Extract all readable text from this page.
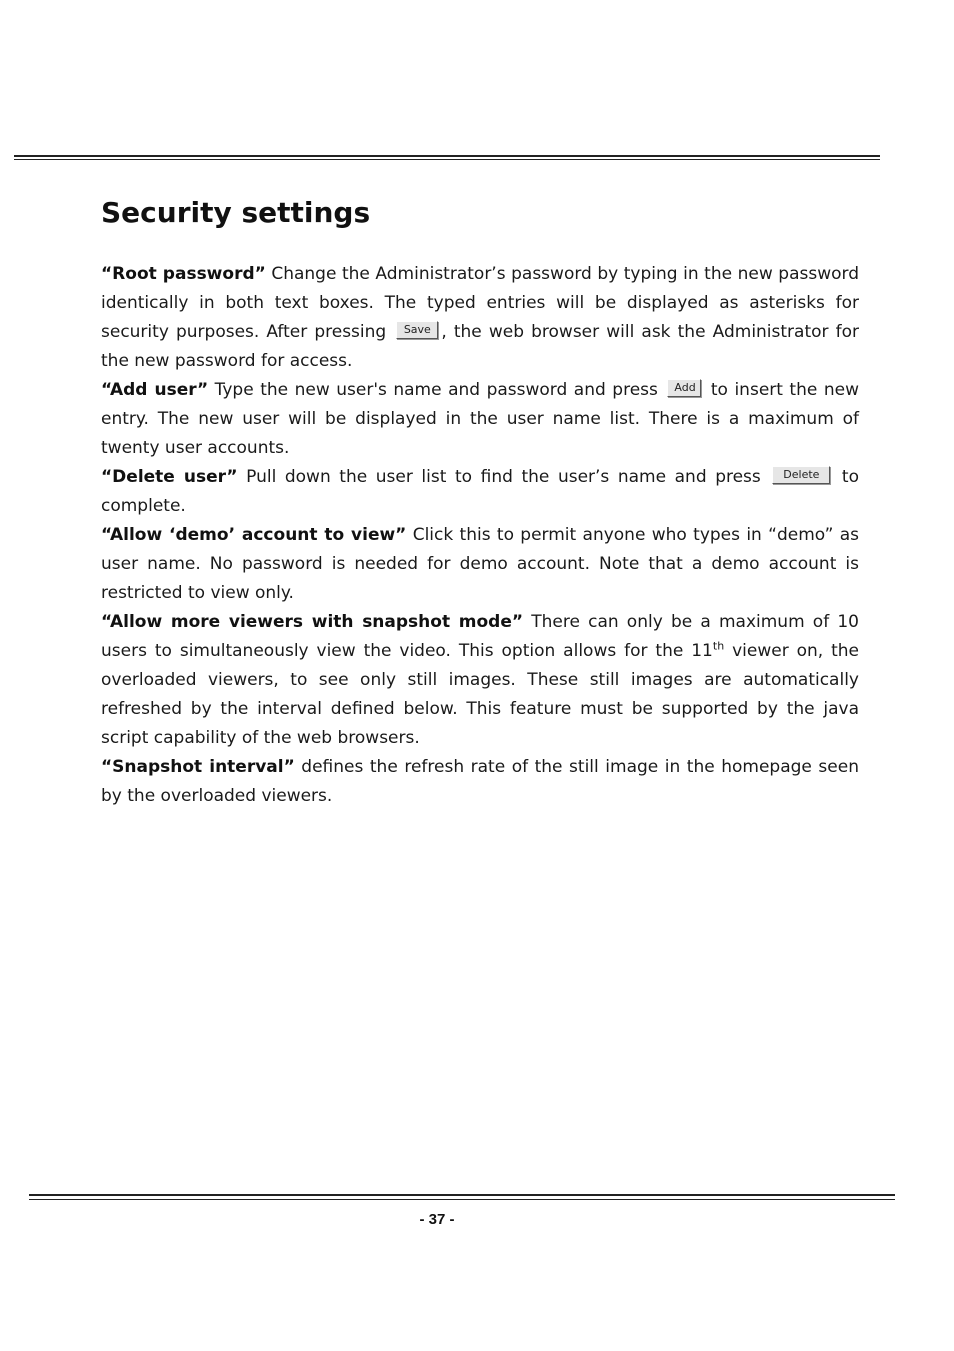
Security settings

“Root password” Change the Administrator’s password by typing in the new password identically in both text boxes. The typed entries will be displayed as asterisks for security purposes. After pressing Save , the web browser will ask the Administrator for the new password for access.

“Add user” Type the new user's name and password and press Add to insert the new entry. The new user will be displayed in the user name list. There is a maximum of twenty user accounts.

“Delete user” Pull down the user list to find the user’s name and press Delete to complete.

“Allow ‘demo’ account to view” Click this to permit anyone who types in “demo” as user name. No password is needed for demo account. Note that a demo account is restricted to view only.

“Allow more viewers with snapshot mode” There can only be a maximum of 10 users to simultaneously view the video. This option allows for the 11th viewer on, the overloaded viewers, to see only still images. These still images are automatically refreshed by the interval defined below. This feature must be supported by the java script capability of the web browsers.

“Snapshot interval” defines the refresh rate of the still image in the homepage seen by the overloaded viewers.

- 37 -
